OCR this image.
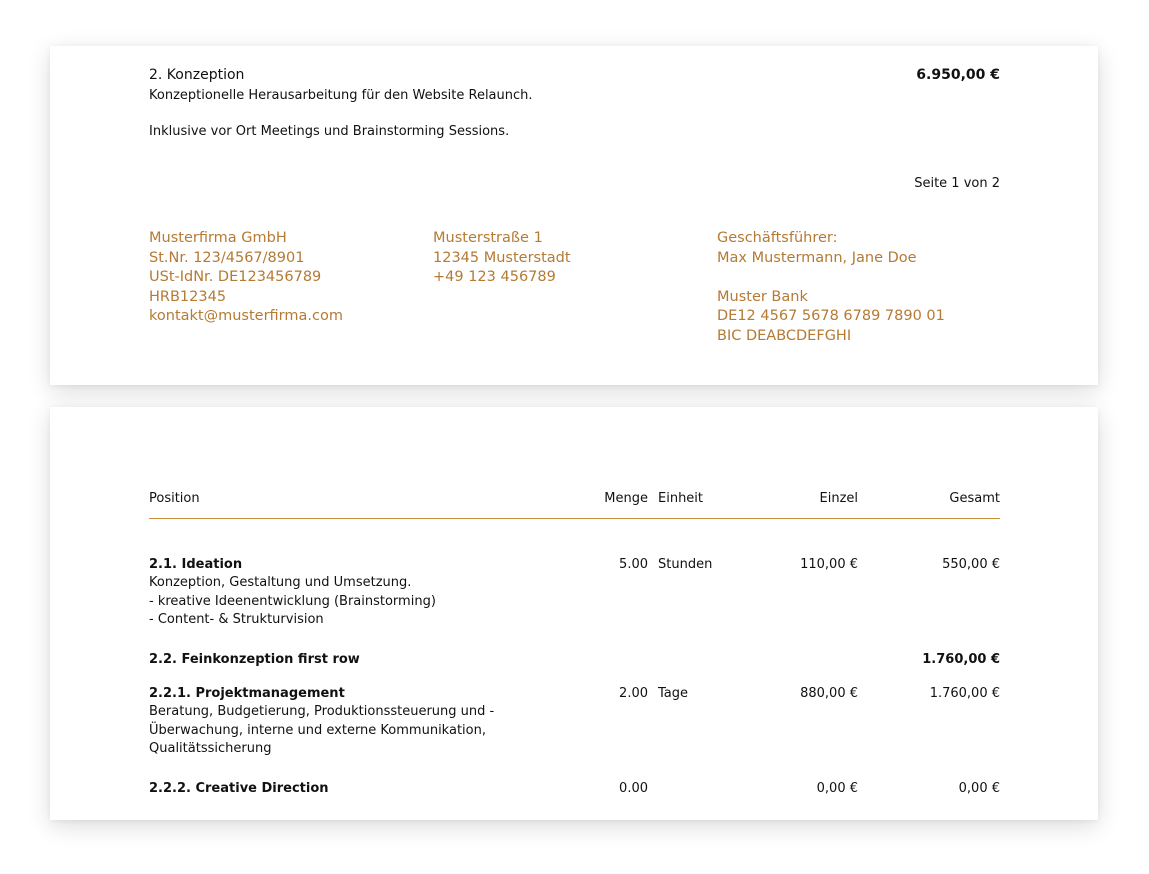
2. Konzeption	6.950,00 €
Konzeptionelle Herausarbeitung für den Website Relaunch.
Inklusive vor Ort Meetings und Brainstorming Sessions.
Seite 1 von 2
Musterfirma GmbH
St.Nr. 123/4567/8901
USt-IdNr. DE123456789
HRB12345
kontakt@musterfirma.com
Musterstraße 1
12345 Musterstadt
+49 123 456789
Geschäftsführer:
Max Mustermann, Jane Doe
Muster Bank
DE12 4567 5678 6789 7890 01
BIC DEABCDEFGHI
Position	Menge Einheit	Einzel	Gesamt
2.1. Ideation	5.00 Stunden	110,00 €	550,00 €
Konzeption, Gestaltung und Umsetzung.
- kreative Ideenentwicklung (Brainstorming)
- Content- & Strukturvision
2.2. Feinkonzeption first row	1.760,00 €
2.2.1. Projektmanagement	2.00 Tage	880,00 €	1.760,00 €
Beratung, Budgetierung, Produktionssteuerung und -
Überwachung, interne und externe Kommunikation,
Qualitätssicherung
2.2.2. Creative Direction	0.00	0,00 €	0,00 €
